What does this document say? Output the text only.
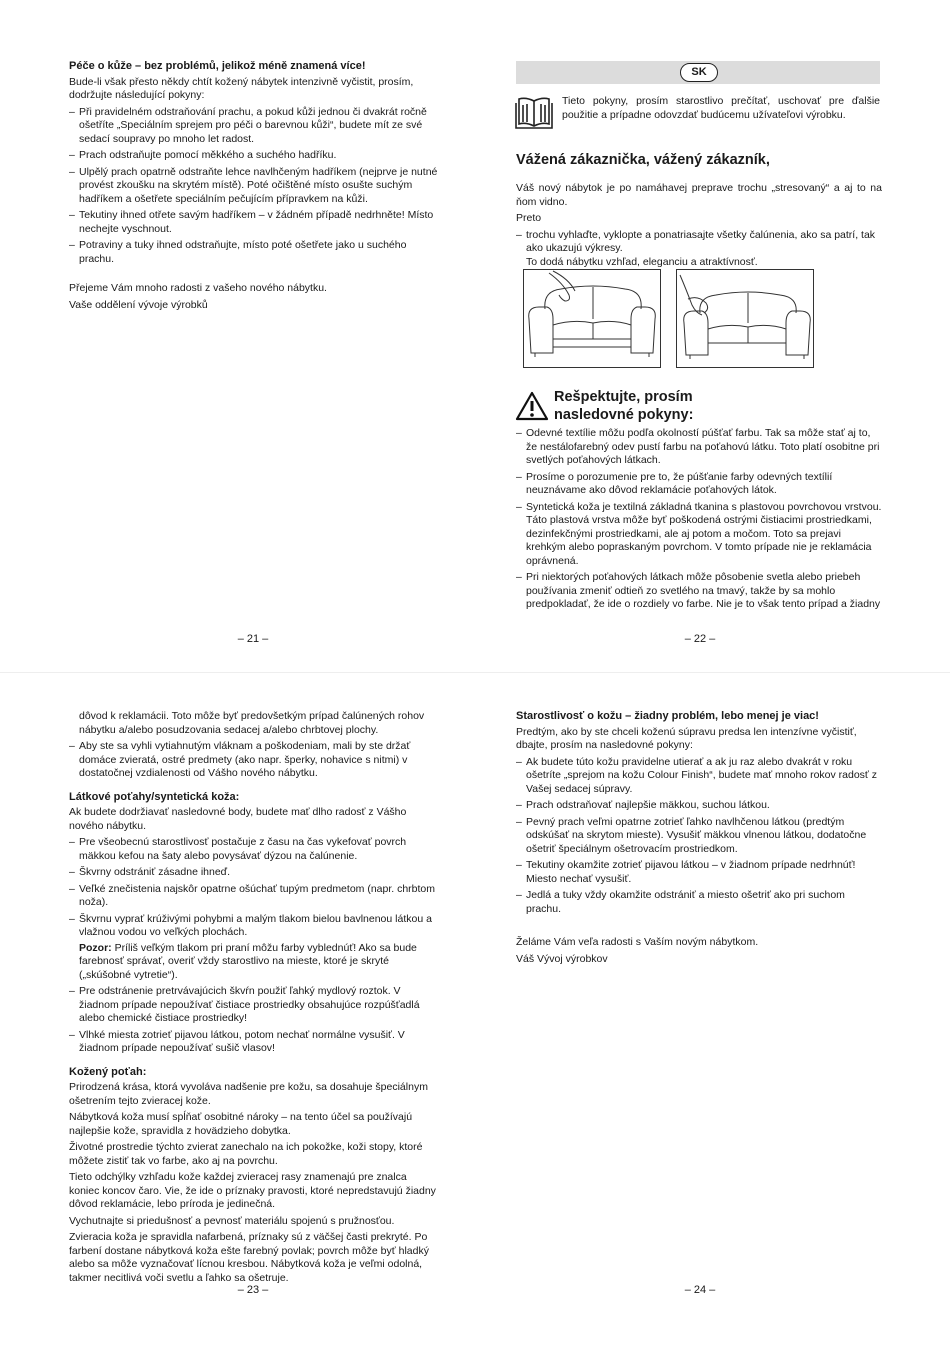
Péče o kůže – bez problémů, jelikož méně znamená více!

Bude-li však přesto někdy chtít kožený nábytek intenzivně vyčistit, prosím, dodržujte následující pokyny:

– Při pravidelném odstraňování prachu, a pokud kůži jednou či dvakrát ročně ošetříte „Speciálním sprejem pro péči o barevnou kůži“, budete mít ze své sedací soupravy po mnoho let radost.
– Prach odstraňujte pomocí měkkého a suchého hadříku.
– Ulpělý prach opatrně odstraňte lehce navlhčeným hadříkem (nejprve je nutné provést zkoušku na skrytém místě). Poté očištěné místo osušte suchým hadříkem a ošetřete speciálním pečujícím přípravkem na kůži.
– Tekutiny ihned otřete savým hadříkem – v žádném případě nedrhněte! Místo nechejte vyschnout.
– Potraviny a tuky ihned odstraňujte, místo poté ošetřete jako u suchého prachu.

Přejeme Vám mnoho radosti z vašeho nového nábytku.

Vaše oddělení vývoje výrobků

– 21 –
SK
Tieto pokyny, prosím starostlivo prečítať, uschovať pre ďalšie použitie a prípadne odovzdať budúcemu užívateľovi výrobku.
Vážená zákaznička, vážený zákazník,

Váš nový nábytok je po namáhavej preprave trochu „stresovaný“ a aj to na ňom vidno.

Preto

– trochu vyhlaďte, vyklopte a ponatriasajte všetky čalúnenia, ako sa patrí, tak ako ukazujú výkresy.
To dodá nábytku vzhľad, eleganciu a atraktívnosť.
Rešpektujte, prosím
nasledovné pokyny:
– Odevné textílie môžu podľa okolností púšťať farbu. Tak sa môže stať aj to, že nestálofarebný odev pustí farbu na poťahovú látku. Toto platí osobitne pri svetlých poťahových látkach.
– Prosíme o porozumenie pre to, že púšťanie farby odevných textílií neuznávame ako dôvod reklamácie poťahových látok.
– Syntetická koža je textilná základná tkanina s plastovou povrchovou vrstvou. Táto plastová vrstva môže byť poškodená ostrými čistiacimi prostriedkami, dezinfekčnými prostriedkami, ale aj potom a močom. Toto sa prejavi krehkým alebo popraskaným povrchom. V tomto prípade nie je reklamácia oprávnená.
– Pri niektorých poťahových látkach môže pôsobenie svetla alebo priebeh používania zmeniť odtieň zo svetlého na tmavý, takže by sa mohlo predpokladať, že ide o rozdiely vo farbe. Nie je to však tento prípad a žiadny
– 22 –

dôvod k reklamácii. Toto môže byť predovšetkým prípad čalúnených rohov nábytku a/alebo posudzovania sedacej a/alebo chrbtovej plochy.

– Aby ste sa vyhli vytiahnutým vláknam a poškodeniam, mali by ste držať domáce zvieratá, ostré predmety (ako napr. šperky, nohavice s nitmi) v dostatočnej vzdialenosti od Vášho nového nábytku.

Látkové poťahy/syntetická koža:

Ak budete dodržiavať nasledovné body, budete mať dlho radosť z Vášho nového nábytku.

– Pre všeobecnú starostlivosť postačuje z času na čas vykefovať povrch mäkkou kefou na šaty alebo povysávať dýzou na čalúnenie.
– Škvrny odstrániť zásadne ihneď.
– Veľké znečistenia najskôr opatrne ošúchať tupým predmetom (napr. chrbtom noža).
– Škvrnu vyprať krúživými pohybmi a malým tlakom bielou bavlnenou látkou a vlažnou vodou vo veľkých plochách.
Pozor: Príliš veľkým tlakom pri praní môžu farby vyblednúť! Ako sa bude farebnosť správať, overiť vždy starostlivo na mieste, ktoré je skryté („skúšobné vytretie“).
– Pre odstránenie pretrvávajúcich škvŕn použiť ľahký mydlový roztok. V žiadnom prípade nepoužívať čistiace prostriedky obsahujúce rozpúšťadlá alebo chemické čistiace prostriedky!
– Vlhké miesta zotrieť pijavou látkou, potom nechať normálne vysušiť. V žiadnom prípade nepoužívať sušič vlasov!

Kožený poťah:

Prirodzená krása, ktorá vyvoláva nadšenie pre kožu, sa dosahuje špeciálnym ošetrením tejto zvieracej kože.

Nábytková koža musí spĺňať osobitné nároky – na tento účel sa používajú najlepšie kože, spravidla z hovädzieho dobytka.

Životné prostredie týchto zvierat zanechalo na ich pokožke, koži stopy, ktoré môžete zistiť tak vo farbe, ako aj na povrchu.

Tieto odchýlky vzhľadu kože každej zvieracej rasy znamenajú pre znalca koniec koncov čaro. Vie, že ide o príznaky pravosti, ktoré nepredstavujú žiadny dôvod reklamácie, lebo príroda je jedinečná.

Vychutnajte si priedušnosť a pevnosť materiálu spojenú s pružnosťou.

Zvieracia koža je spravidla nafarbená, príznaky sú z väčšej časti prekryté. Po farbení dostane nábytková koža ešte farebný povlak; povrch môže byť hladký alebo sa môže vyznačovať lícnou kresbou. Nábytková koža je veľmi odolná, takmer necitlivá voči svetlu a ľahko sa ošetruje.

– 23 –

Starostlivosť o kožu – žiadny problém, lebo menej je viac!

Predtým, ako by ste chceli koženú súpravu predsa len intenzívne vyčistiť, dbajte, prosím na nasledovné pokyny:

– Ak budete túto kožu pravidelne utierať a ak ju raz alebo dvakrát v roku ošetríte „sprejom na kožu Colour Finish“, budete mať mnoho rokov radosť z Vašej sedacej súpravy.
– Prach odstraňovať najlepšie mäkkou, suchou látkou.
– Pevný prach veľmi opatrne zotrieť ľahko navlhčenou látkou (predtým odskúšať na skrytom mieste). Vysušiť mäkkou vlnenou látkou, dodatočne ošetriť špeciálnym ošetrovacím prostriedkom.
– Tekutiny okamžite zotrieť pijavou látkou – v žiadnom prípade nedrhnúť! Miesto nechať vysušiť.
– Jedlá a tuky vždy okamžite odstrániť a miesto ošetriť ako pri suchom prachu.

Želáme Vám veľa radosti s Vaším novým nábytkom.

Váš Vývoj výrobkov

– 24 –
